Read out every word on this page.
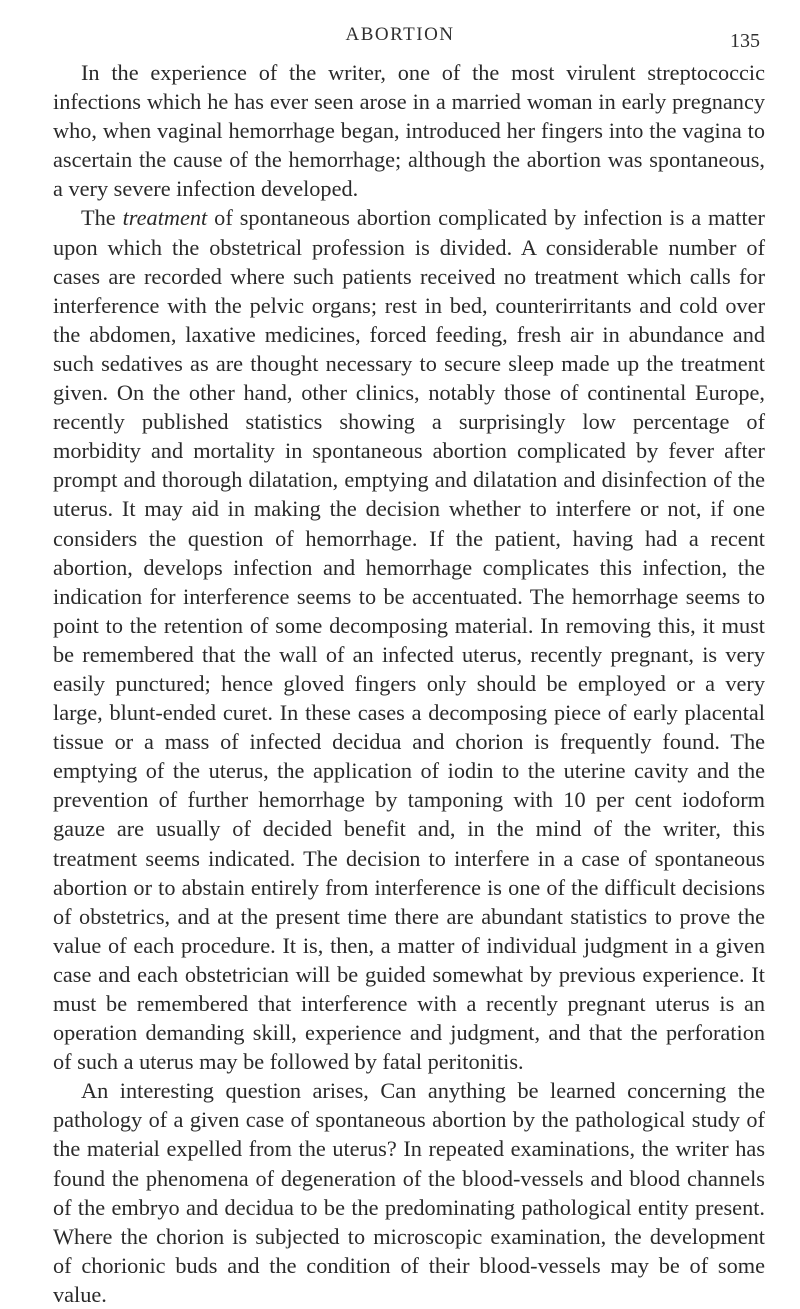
ABORTION	135

In the experience of the writer, one of the most virulent streptococcic infections which he has ever seen arose in a married woman in early pregnancy who, when vaginal hemorrhage began, introduced her fingers into the vagina to ascertain the cause of the hemorrhage; although the abortion was spontaneous, a very severe infection developed.

The treatment of spontaneous abortion complicated by infection is a matter upon which the obstetrical profession is divided. A considerable number of cases are recorded where such patients received no treatment which calls for interference with the pelvic organs; rest in bed, counterirritants and cold over the abdomen, laxative medicines, forced feeding, fresh air in abundance and such sedatives as are thought necessary to secure sleep made up the treatment given. On the other hand, other clinics, notably those of continental Europe, recently published statistics showing a surprisingly low percentage of morbidity and mortality in spontaneous abortion complicated by fever after prompt and thorough dilatation, emptying and dilatation and disinfection of the uterus. It may aid in making the decision whether to interfere or not, if one considers the question of hemorrhage. If the patient, having had a recent abortion, develops infection and hemorrhage complicates this infection, the indication for interference seems to be accentuated. The hemorrhage seems to point to the retention of some decomposing material. In removing this, it must be remembered that the wall of an infected uterus, recently pregnant, is very easily punctured; hence gloved fingers only should be employed or a very large, blunt-ended curet. In these cases a decomposing piece of early placental tissue or a mass of infected decidua and chorion is frequently found. The emptying of the uterus, the application of iodin to the uterine cavity and the prevention of further hemorrhage by tamponing with 10 per cent iodoform gauze are usually of decided benefit and, in the mind of the writer, this treatment seems indicated. The decision to interfere in a case of spontaneous abortion or to abstain entirely from interference is one of the difficult decisions of obstetrics, and at the present time there are abundant statistics to prove the value of each procedure. It is, then, a matter of individual judgment in a given case and each obstetrician will be guided somewhat by previous experience. It must be remembered that interference with a recently pregnant uterus is an operation demanding skill, experience and judgment, and that the perforation of such a uterus may be followed by fatal peritonitis.

An interesting question arises, Can anything be learned concerning the pathology of a given case of spontaneous abortion by the pathological study of the material expelled from the uterus? In repeated examinations, the writer has found the phenomena of degeneration of the blood-vessels and blood channels of the embryo and decidua to be the predominating pathological entity present. Where the chorion is subjected to microscopic examination, the development of chorionic buds and the condition of their blood-vessels may be of some value.
